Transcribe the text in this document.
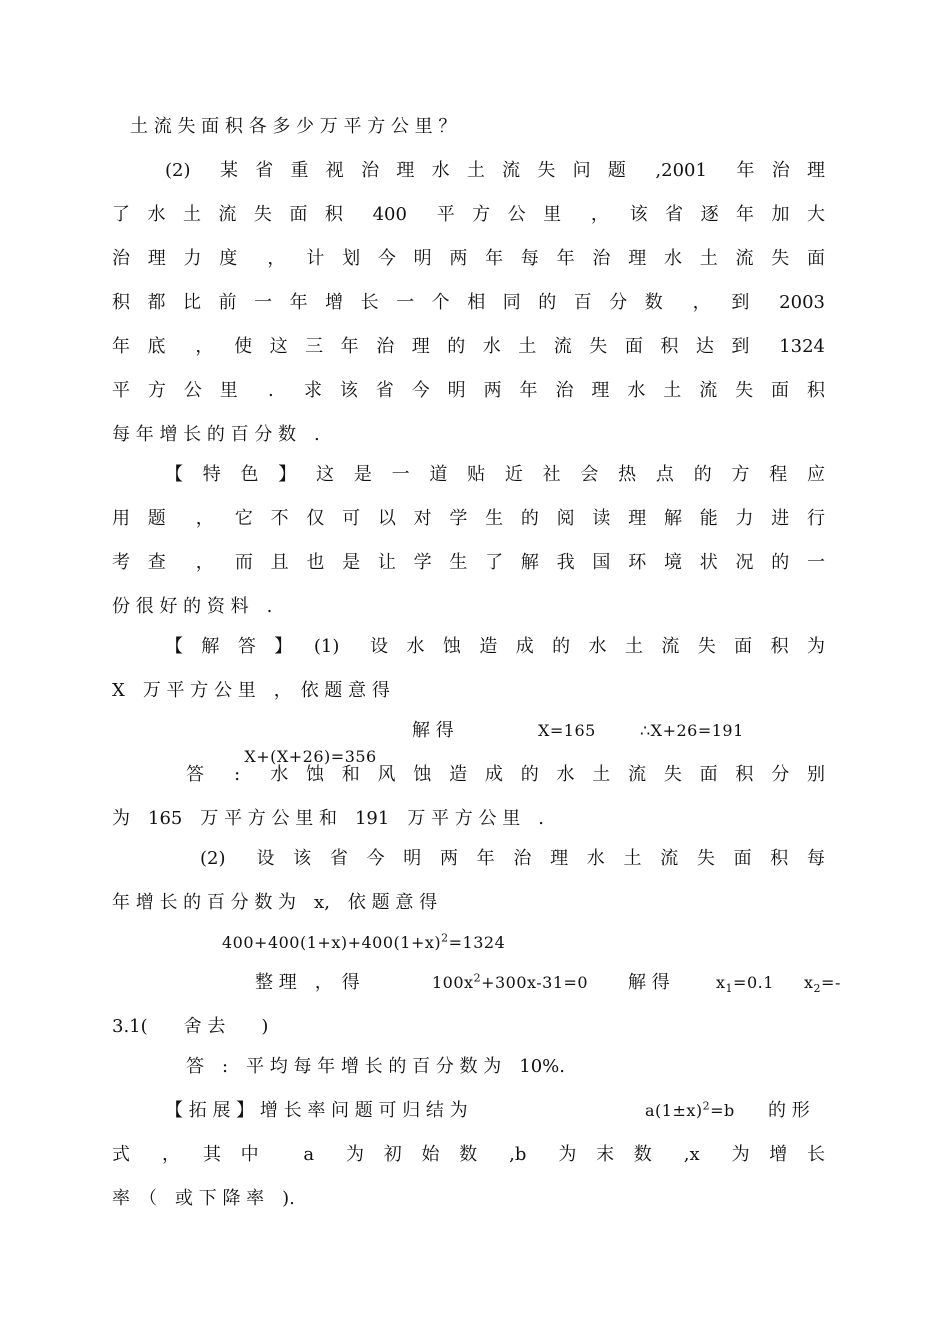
土 流 失 面 积 各 多 少 万 平 方 公 里 ？

(2)　某 省 重 视 治 理 水 土 流 失 问 题　,2001　年 治 理

了 水 土 流 失 面 积　400　平 方 公 里　，　该 省 逐 年 加 大

治 理 力 度　，　计 划 今 明 两 年 每 年 治 理 水 土 流 失 面

积 都 比 前 一 年 增 长 一 个 相 同 的 百 分 数　，　到　2003

年 底　，　使 这 三 年 治 理 的 水 土 流 失 面 积 达 到　1324

平 方 公 里　.　求 该 省 今 明 两 年 治 理 水 土 流 失 面 积

每 年 增 长 的 百 分 数　.

【 特 色 】 这 是 一 道 贴 近 社 会 热 点 的 方 程 应

用 题　，　它 不 仅 可 以 对 学 生 的 阅 读 理 解 能 力 进 行

考 查　，　而 且 也 是 让 学 生 了 解 我 国 环 境 状 况 的 一

份 很 好 的 资 料　.

【 解 答 】　(1)　设 水 蚀 造 成 的 水 土 流 失 面 积 为

X　万 平 方 公 里　，　依 题 意 得

X+(X+26)=356

解 得	X=165	∴X+26=191

答　:　水 蚀 和 风 蚀 造 成 的 水 土 流 失 面 积 分 别

为　165　万 平 方 公 里 和　191　万 平 方 公 里　.

(2)　设 该 省 今 明 两 年 治 理 水 土 流 失 面 积 每

年 增 长 的 百 分 数 为　x,　依 题 意 得

$400+400(1+x)+400(1+x)^2=1324$
整 理　，　得	$100x^2+300x-31=0$	解 得	$x_1=0.1$	$x_2=-$

3.1(　　舍 去　　)

答　:　平 均 每 年 增 长 的 百 分 数 为　10%.

【 拓 展 】 增 长 率 问 题 可 归 结 为	$a(1\pm x)^2=b$	的 形

式　，　其 中　 a　为 初 始 数　,b　为 末 数　,x　为 增 长

率　（　或 下 降 率　).
